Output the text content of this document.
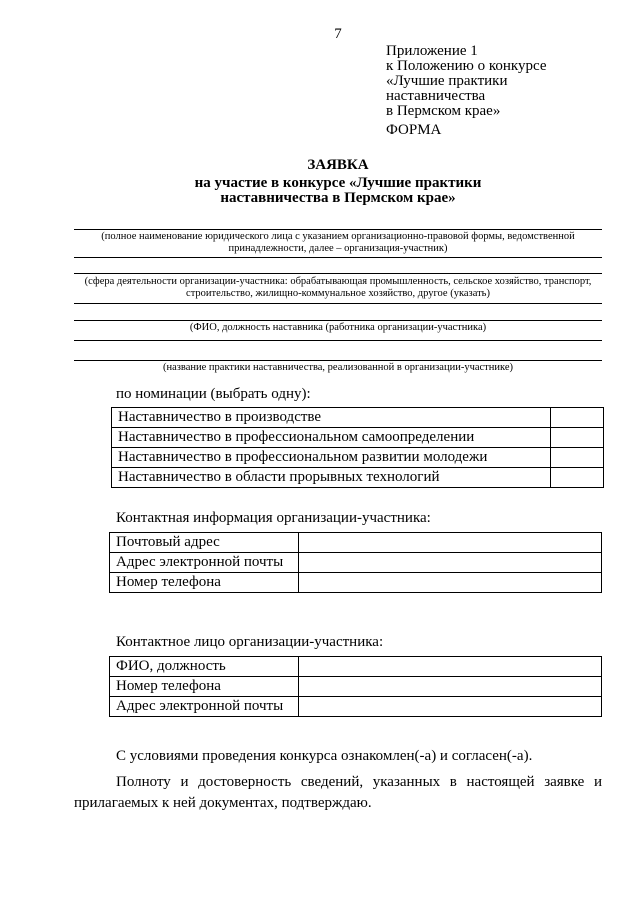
7
Приложение 1
к Положению о конкурсе
«Лучшие практики
наставничества
в Пермском крае»
ФОРМА
ЗАЯВКА
на участие в конкурсе «Лучшие практики
наставничества в Пермском крае»
(полное наименование юридического лица с указанием организационно-правовой формы, ведомственной принадлежности, далее – организация-участник)
(сфера деятельности организации-участника: обрабатывающая промышленность, сельское хозяйство, транспорт, строительство, жилищно-коммунальное хозяйство, другое (указать)
(ФИО, должность наставника (работника организации-участника)
(название практики наставничества, реализованной в организации-участнике)
по номинации (выбрать одну):
Наставничество в производстве	
Наставничество в профессиональном самоопределении	
Наставничество в профессиональном развитии молодежи	
Наставничество в области прорывных технологий	
Контактная информация организации-участника:
Почтовый адрес	
Адрес электронной почты	
Номер телефона	
Контактное лицо организации-участника:
ФИО, должность	
Номер телефона	
Адрес электронной почты	
С условиями проведения конкурса ознакомлен(-а) и согласен(-а).
Полноту и достоверность сведений, указанных в настоящей заявке и прилагаемых к ней документах, подтверждаю.
